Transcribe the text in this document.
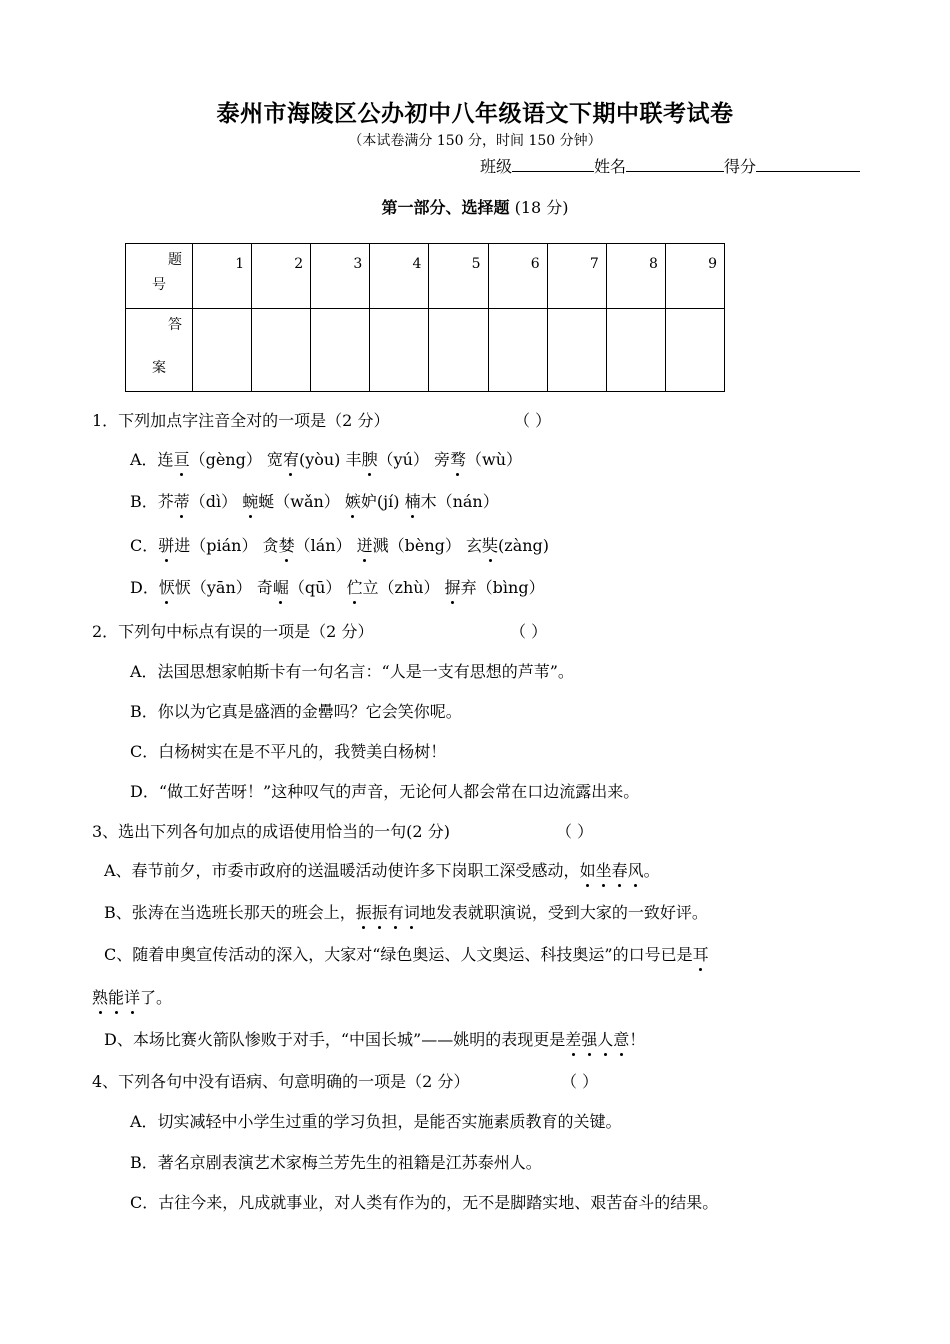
泰州市海陵区公办初中八年级语文下期中联考试卷
（本试卷满分 150 分，时间 150 分钟）
班级	姓名	得分
第一部分、选择题 (18 分)
题
号	1	2	3	4	5	6	7	8	9

答
案									

1．下列加点字注音全对的一项是（2 分）	（ ）
A．连亘（gèng） 宽宥(yòu) 丰腴（yú） 旁骛（wù）
B．芥蒂（dì） 蜿蜒（wǎn） 嫉妒(jí) 楠木（nán）
C．骈进（pián） 贪婪（lán） 迸溅（bèng） 玄奘(zàng)
D．恹恹（yān） 奇崛（qū） 伫立（zhù） 摒弃（bìng）
2．下列句中标点有误的一项是（2 分）	（ ）
A．法国思想家帕斯卡有一句名言：“人是一支有思想的芦苇”。
B．你以为它真是盛酒的金罍吗？它会笑你呢。
C．白杨树实在是不平凡的，我赞美白杨树！
D．“做工好苦呀！”这种叹气的声音，无论何人都会常在口边流露出来。
3、选出下列各句加点的成语使用恰当的一句(2 分)	（ ）
A、春节前夕，市委市政府的送温暖活动使许多下岗职工深受感动，如坐春风。
B、张涛在当选班长那天的班会上，振振有词地发表就职演说，受到大家的一致好评。
C、随着申奥宣传活动的深入，大家对“绿色奥运、人文奥运、科技奥运”的口号已是耳
熟能详了。
D、本场比赛火箭队惨败于对手，“中国长城”——姚明的表现更是差强人意！
4、下列各句中没有语病、句意明确的一项是（2 分）	（ ）
A．切实减轻中小学生过重的学习负担，是能否实施素质教育的关键。
B．著名京剧表演艺术家梅兰芳先生的祖籍是江苏泰州人。
C．古往今来，凡成就事业，对人类有作为的，无不是脚踏实地、艰苦奋斗的结果。
